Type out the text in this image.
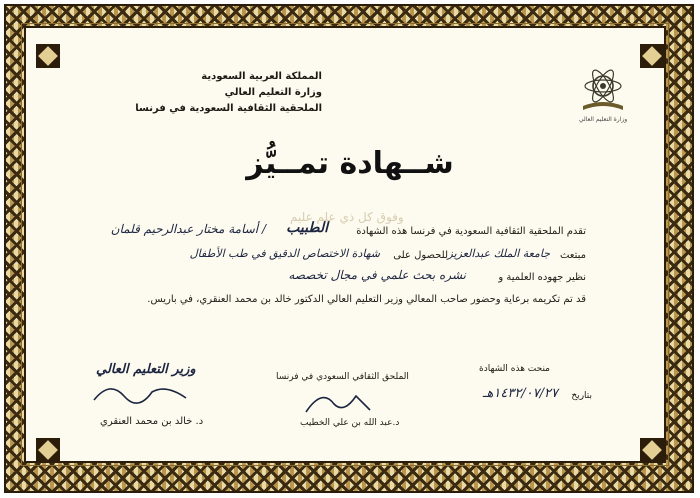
المملكة العربية السعودية
وزارة التعليم العالي
الملحقية الثقافية السعودية في فرنسا
وزارة التعليم العالي
شــهادة تمــيُّز
وفوق كل ذي علم عليم
تقدم الملحقية الثقافية السعودية في فرنسا هذه الشهادة
الطبيب
/ أسامة مختار عبدالرحيم قلمان
مبتعث
جامعة الملك عبدالعزيز
للحصول على
شهادة الاختصاص الدقيق في طب الأطفال
نظير جهوده العلمية و
نشره بحث علمي في مجال تخصصه
قد تم تكريمه برعاية وحضور صاحب المعالي وزير التعليم العالي الدكتور خالد بن محمد العنقري، في باريس.
وزير التعليم العالي
د. خالد بن محمد العنقري
الملحق الثقافي السعودي في فرنسا
د.عبد الله بن علي الخطيب
منحت هذه الشهادة
بتاريخ
١٤٣٢/٠٧/٢٧هـ
